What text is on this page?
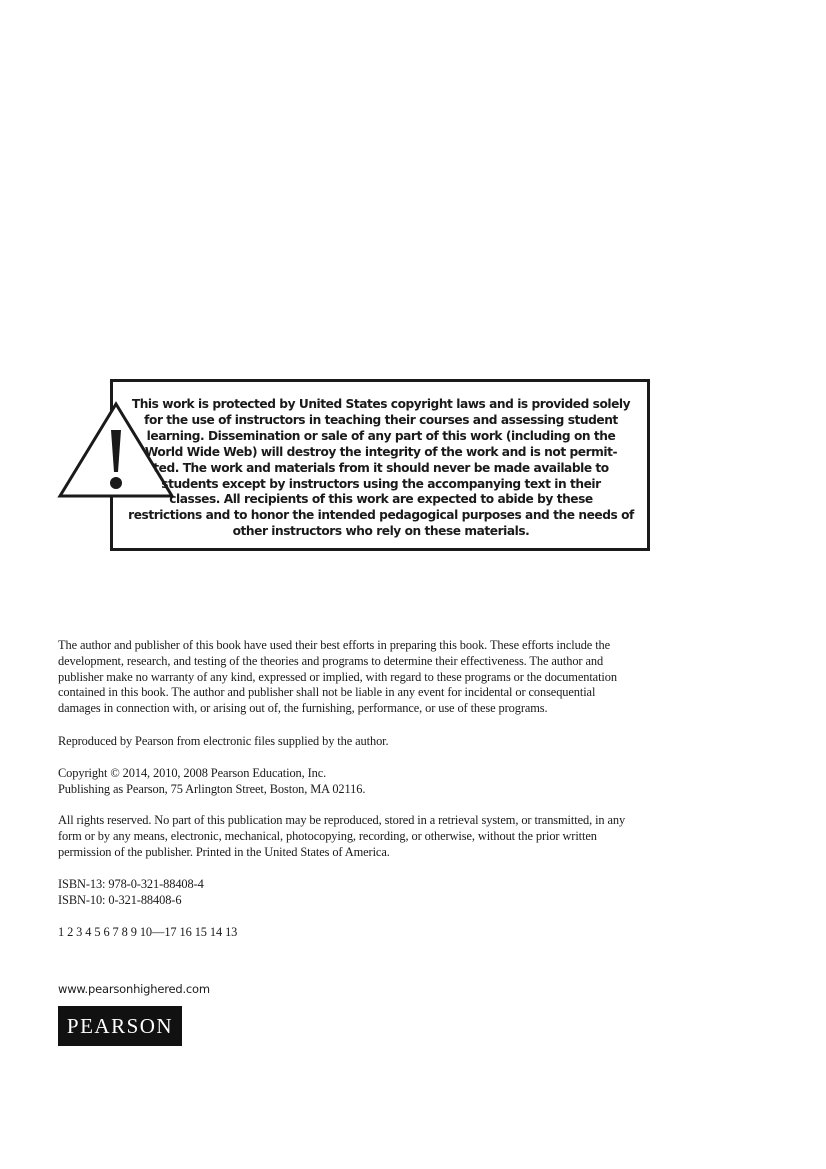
This work is protected by United States copyright laws and is provided solely
for the use of instructors in teaching their courses and assessing student
learning. Dissemination or sale of any part of this work (including on the
World Wide Web) will destroy the integrity of the work and is not permit-
ted. The work and materials from it should never be made available to
students except by instructors using the accompanying text in their
classes. All recipients of this work are expected to abide by these
restrictions and to honor the intended pedagogical purposes and the needs of
other instructors who rely on these materials.
The author and publisher of this book have used their best efforts in preparing this book. These efforts include the
development, research, and testing of the theories and programs to determine their effectiveness. The author and
publisher make no warranty of any kind, expressed or implied, with regard to these programs or the documentation
contained in this book. The author and publisher shall not be liable in any event for incidental or consequential
damages in connection with, or arising out of, the furnishing, performance, or use of these programs.
Reproduced by Pearson from electronic files supplied by the author.
Copyright © 2014, 2010, 2008 Pearson Education, Inc.
Publishing as Pearson, 75 Arlington Street, Boston, MA 02116.
All rights reserved. No part of this publication may be reproduced, stored in a retrieval system, or transmitted, in any
form or by any means, electronic, mechanical, photocopying, recording, or otherwise, without the prior written
permission of the publisher. Printed in the United States of America.
ISBN-13: 978-0-321-88408-4
ISBN-10: 0-321-88408-6
1 2 3 4 5 6 7 8 9 10—17 16 15 14 13
www.pearsonhighered.com
PEARSON
